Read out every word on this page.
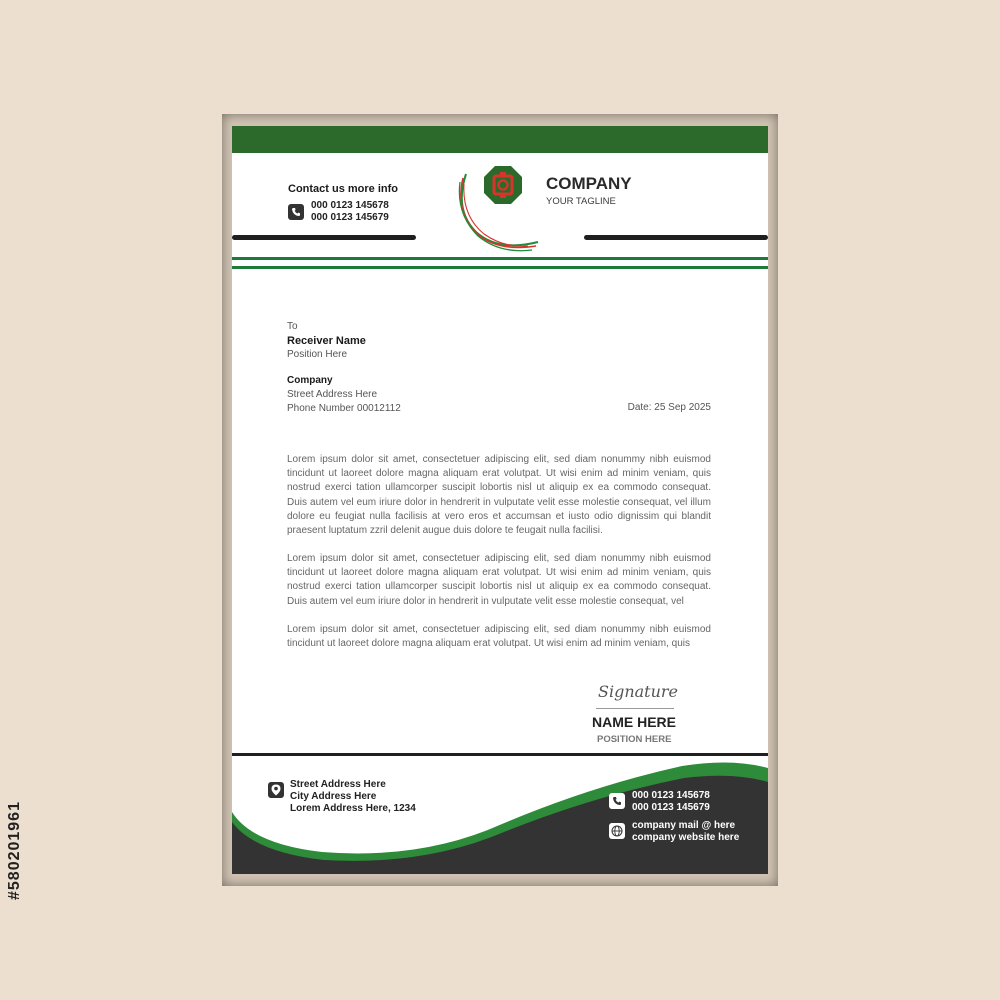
#580201961
Contact us more info
000 0123 145678
000 0123 145679
COMPANY
YOUR TAGLINE
To
Receiver Name
Position Here
Company
Street Address Here
Phone Number 00012112	Date: 25 Sep 2025

Lorem ipsum dolor sit amet, consectetuer adipiscing elit, sed diam nonummy nibh euismod tincidunt ut laoreet dolore magna aliquam erat volutpat. Ut wisi enim ad minim veniam, quis nostrud exerci tation ullamcorper suscipit lobortis nisl ut aliquip ex ea commodo consequat. Duis autem vel eum iriure dolor in hendrerit in vulputate velit esse molestie consequat, vel illum dolore eu feugiat nulla facilisis at vero eros et accumsan et iusto odio dignissim qui blandit praesent luptatum zzril delenit augue duis dolore te feugait nulla facilisi.

Lorem ipsum dolor sit amet, consectetuer adipiscing elit, sed diam nonummy nibh euismod tincidunt ut laoreet dolore magna aliquam erat volutpat. Ut wisi enim ad minim veniam, quis nostrud exerci tation ullamcorper suscipit lobortis nisl ut aliquip ex ea commodo consequat. Duis autem vel eum iriure dolor in hendrerit in vulputate velit esse molestie consequat, vel

Lorem ipsum dolor sit amet, consectetuer adipiscing elit, sed diam nonummy nibh euismod tincidunt ut laoreet dolore magna aliquam erat volutpat. Ut wisi enim ad minim veniam, quis

Signature
NAME HERE
POSITION HERE
Street Address Here
City Address Here
Lorem Address Here, 1234
000 0123 145678
000 0123 145679
company mail @ here
company website here
